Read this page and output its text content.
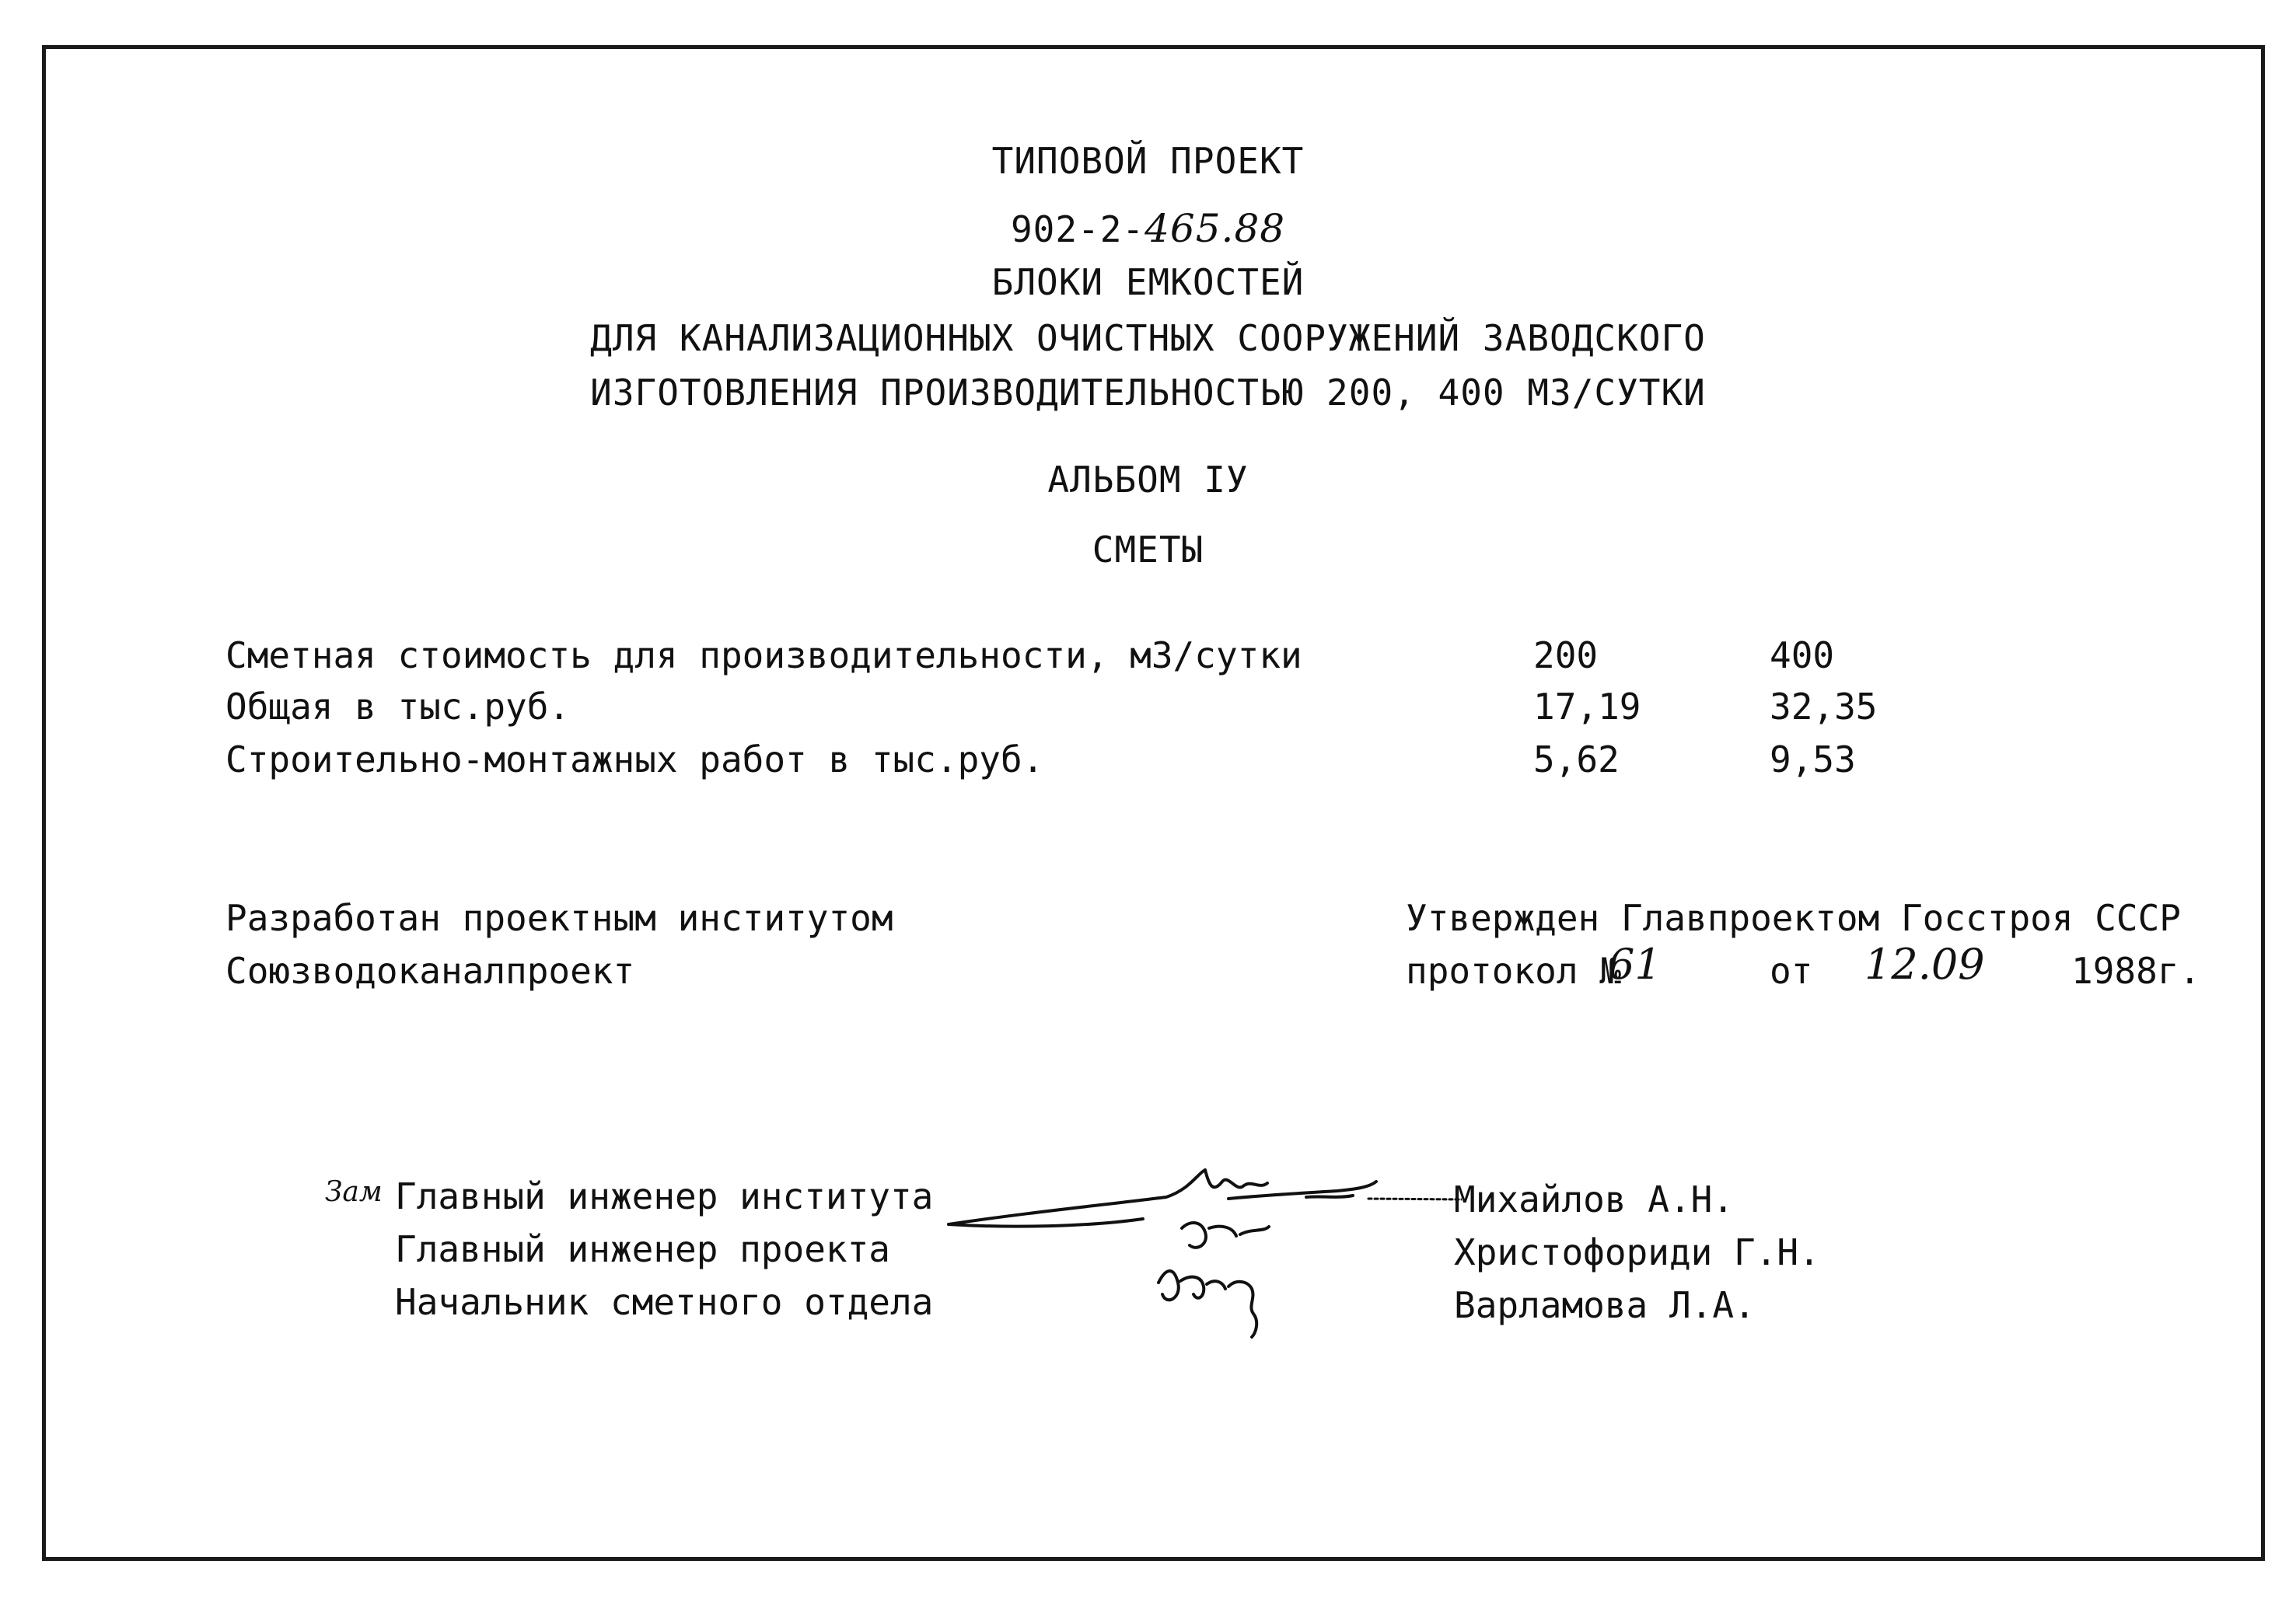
ТИПОВОЙ ПРОЕКТ
902-2-465.88
БЛОКИ ЕМКОСТЕЙ
ДЛЯ КАНАЛИЗАЦИОННЫХ ОЧИСТНЫХ СООРУЖЕНИЙ ЗАВОДСКОГО
ИЗГОТОВЛЕНИЯ ПРОИЗВОДИТЕЛЬНОСТЬЮ 200, 400 М3/СУТКИ
АЛЬБОМ IУ
СМЕТЫ
Сметная стоимость для производительности, м3/сутки	200	400
Общая в тыс.руб.	17,19	32,35
Строительно-монтажных работ в тыс.руб.	5,62	9,53
Разработан проектным институтом
Союзводоканалпроект
Утвержден Главпроектом Госстроя СССР
протокол №
61	от 12.09 1988г.
Зам Главный инженер института	Михайлов А.Н.
Главный инженер проекта	Христофориди Г.Н.
Начальник сметного отдела	Варламова Л.А.
